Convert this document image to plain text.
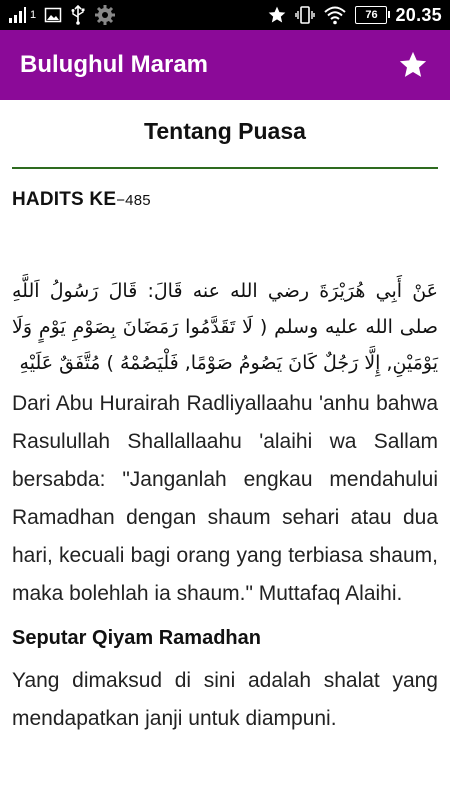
1	76 20.35
Bulughul Maram
Tentang Puasa
HADITS KE−485
عَنْ أَبِي هُرَيْرَةَ رضي الله عنه قَالَ: قَالَ رَسُولُ اَللَّهِ صلى الله عليه وسلم ( لَا تَقَدَّمُوا رَمَضَانَ بِصَوْمِ يَوْمٍ وَلَا يَوْمَيْنِ, إِلَّا رَجُلٌ كَانَ يَصُومُ صَوْمًا, فَلْيَصُمْهُ ) مُتَّفَقٌ عَلَيْهِ
Dari Abu Hurairah Radliyallaahu 'anhu bahwa Rasulullah Shallallaahu 'alaihi wa Sallam bersabda: "Janganlah engkau mendahului Ramadhan dengan shaum sehari atau dua hari, kecuali bagi orang yang terbiasa shaum, maka bolehlah ia shaum." Muttafaq Alaihi.
Seputar Qiyam Ramadhan
Yang dimaksud di sini adalah shalat yang mendapatkan janji untuk diampuni.
